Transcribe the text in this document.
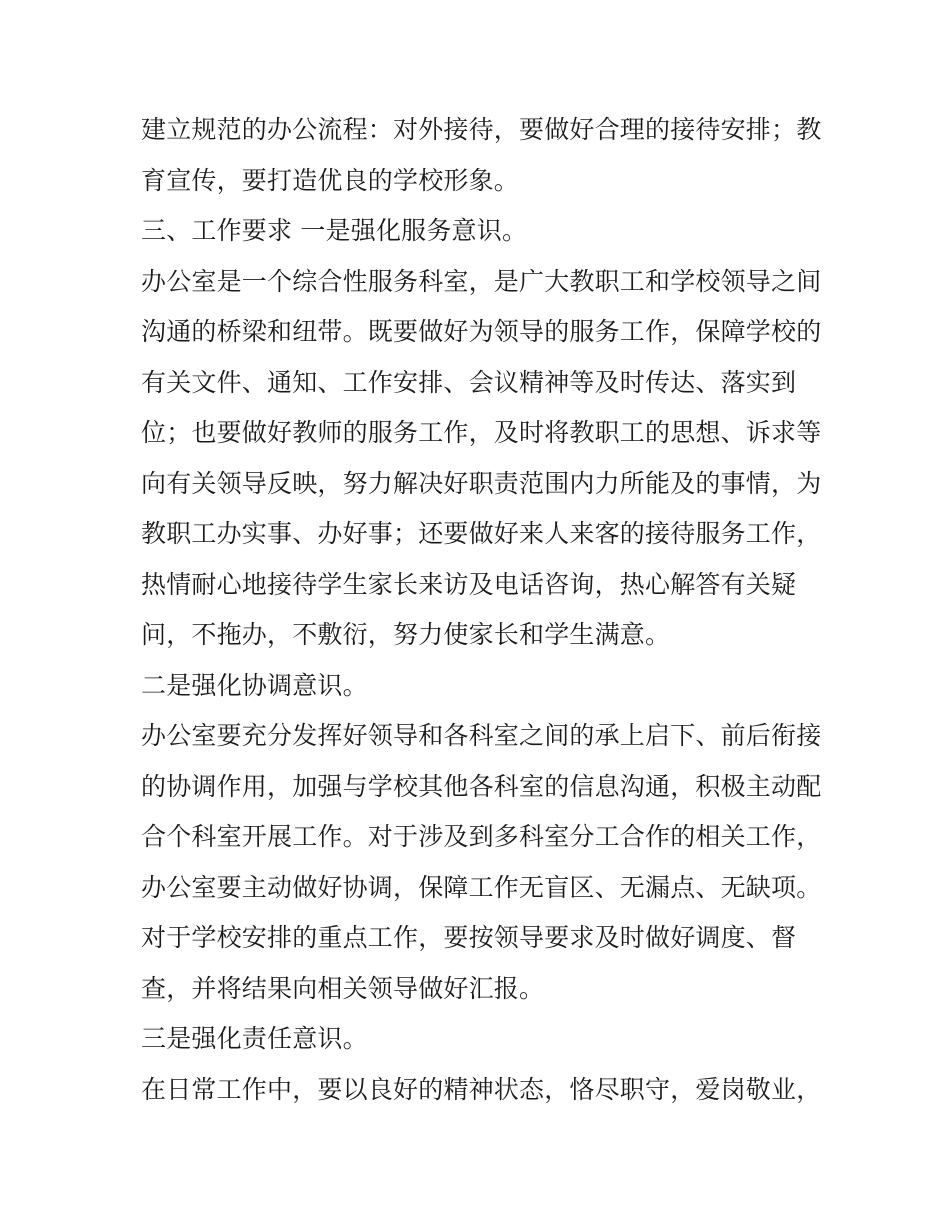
建立规范的办公流程：对外接待，要做好合理的接待安排；教
育宣传，要打造优良的学校形象。
三、工作要求 一是强化服务意识。
办公室是一个综合性服务科室，是广大教职工和学校领导之间
沟通的桥梁和纽带。既要做好为领导的服务工作，保障学校的
有关文件、通知、工作安排、会议精神等及时传达、落实到
位；也要做好教师的服务工作，及时将教职工的思想、诉求等
向有关领导反映，努力解决好职责范围内力所能及的事情，为
教职工办实事、办好事；还要做好来人来客的接待服务工作，
热情耐心地接待学生家长来访及电话咨询，热心解答有关疑
问，不拖办，不敷衍，努力使家长和学生满意。
二是强化协调意识。
办公室要充分发挥好领导和各科室之间的承上启下、前后衔接
的协调作用，加强与学校其他各科室的信息沟通，积极主动配
合个科室开展工作。对于涉及到多科室分工合作的相关工作，
办公室要主动做好协调，保障工作无盲区、无漏点、无缺项。
对于学校安排的重点工作，要按领导要求及时做好调度、督
查，并将结果向相关领导做好汇报。
三是强化责任意识。
在日常工作中，要以良好的精神状态，恪尽职守，爱岗敬业，
